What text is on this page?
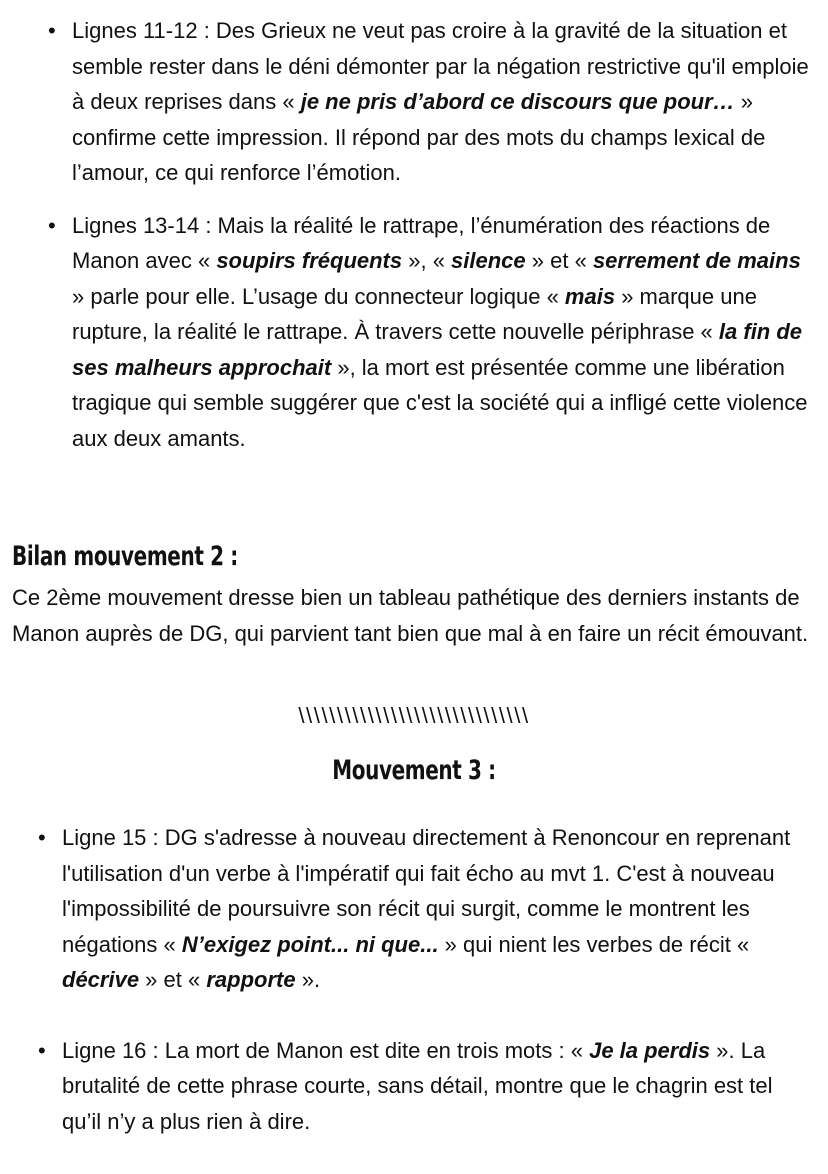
• Lignes 11-12 : Des Grieux ne veut pas croire à la gravité de la situation et semble rester dans le déni démonter par la négation restrictive qu'il emploie à deux reprises dans « je ne pris d’abord ce discours que pour… » confirme cette impression. Il répond par des mots du champs lexical de l’amour, ce qui renforce l’émotion.
• Lignes 13-14 : Mais la réalité le rattrape, l’énumération des réactions de Manon avec « soupirs fréquents », « silence » et « serrement de mains » parle pour elle. L’usage du connecteur logique « mais » marque une rupture, la réalité le rattrape. À travers cette nouvelle périphrase « la fin de ses malheurs approchait », la mort est présentée comme une libération tragique qui semble suggérer que c'est la société qui a infligé cette violence aux deux amants.
Bilan mouvement 2 :

Ce 2ème mouvement dresse bien un tableau pathétique des derniers instants de Manon auprès de DG, qui parvient tant bien que mal à en faire un récit émouvant.

\\\\\\\\\\\\\\\\\\\\\\\\\\\\\\
Mouvement 3 :
• Ligne 15 : DG s'adresse à nouveau directement à Renoncour en reprenant l'utilisation d'un verbe à l'impératif qui fait écho au mvt 1. C'est à nouveau l'impossibilité de poursuivre son récit qui surgit, comme le montrent les négations « N’exigez point... ni que... » qui nient les verbes de récit « décrive » et « rapporte ».
• Ligne 16 : La mort de Manon est dite en trois mots : « Je la perdis ». La brutalité de cette phrase courte, sans détail, montre que le chagrin est tel qu’il n’y a plus rien à dire.
